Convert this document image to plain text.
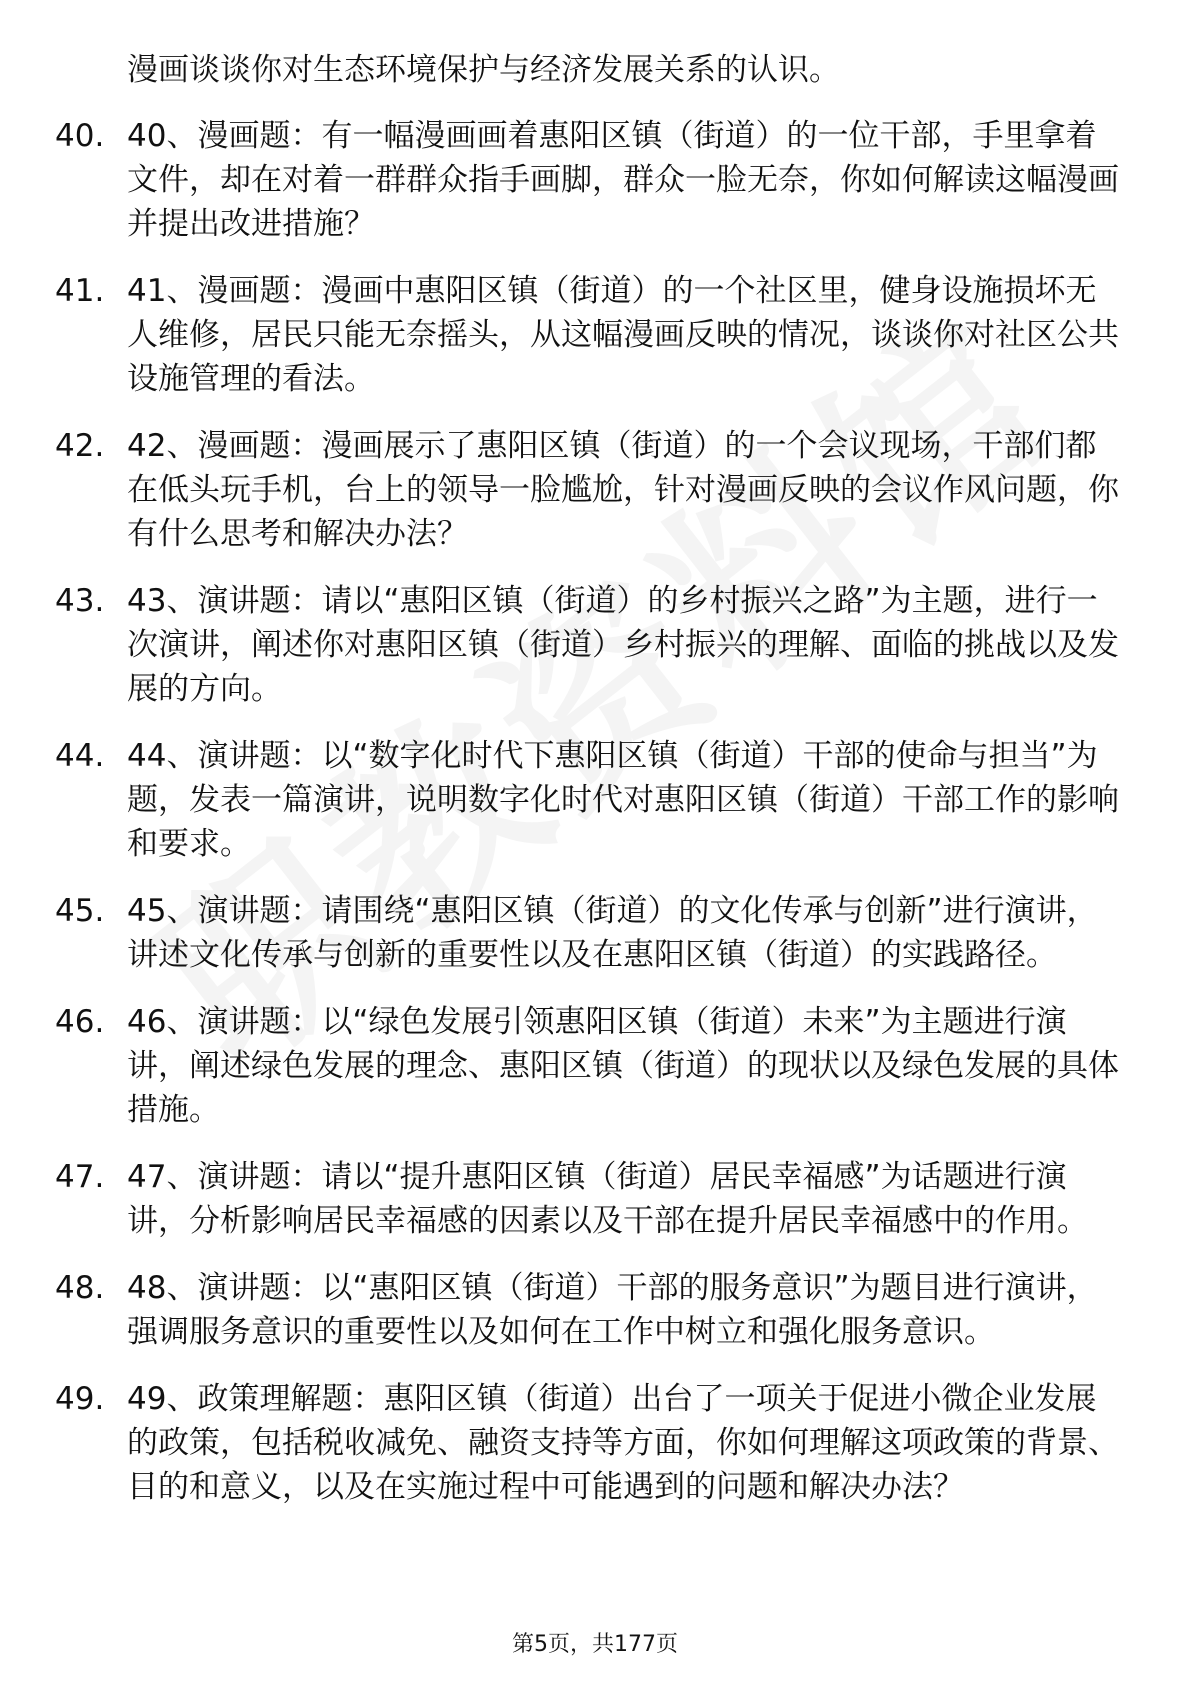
漫画谈谈你对生态环境保护与经济发展关系的认识。
40. 40、漫画题：有一幅漫画画着惠阳区镇（街道）的一位干部，手里拿着文件，却在对着一群群众指手画脚，群众一脸无奈，你如何解读这幅漫画并提出改进措施？
41. 41、漫画题：漫画中惠阳区镇（街道）的一个社区里，健身设施损坏无人维修，居民只能无奈摇头，从这幅漫画反映的情况，谈谈你对社区公共设施管理的看法。
42. 42、漫画题：漫画展示了惠阳区镇（街道）的一个会议现场，干部们都在低头玩手机，台上的领导一脸尴尬，针对漫画反映的会议作风问题，你有什么思考和解决办法？
43. 43、演讲题：请以“惠阳区镇（街道）的乡村振兴之路”为主题，进行一次演讲，阐述你对惠阳区镇（街道）乡村振兴的理解、面临的挑战以及发展的方向。
44. 44、演讲题：以“数字化时代下惠阳区镇（街道）干部的使命与担当”为题，发表一篇演讲，说明数字化时代对惠阳区镇（街道）干部工作的影响和要求。
45. 45、演讲题：请围绕“惠阳区镇（街道）的文化传承与创新”进行演讲，讲述文化传承与创新的重要性以及在惠阳区镇（街道）的实践路径。
46. 46、演讲题：以“绿色发展引领惠阳区镇（街道）未来”为主题进行演讲，阐述绿色发展的理念、惠阳区镇（街道）的现状以及绿色发展的具体措施。
47. 47、演讲题：请以“提升惠阳区镇（街道）居民幸福感”为话题进行演讲，分析影响居民幸福感的因素以及干部在提升居民幸福感中的作用。
48. 48、演讲题：以“惠阳区镇（街道）干部的服务意识”为题目进行演讲，强调服务意识的重要性以及如何在工作中树立和强化服务意识。
49. 49、政策理解题：惠阳区镇（街道）出台了一项关于促进小微企业发展的政策，包括税收减免、融资支持等方面，你如何理解这项政策的背景、目的和意义，以及在实施过程中可能遇到的问题和解决办法？
第5页，共177页
